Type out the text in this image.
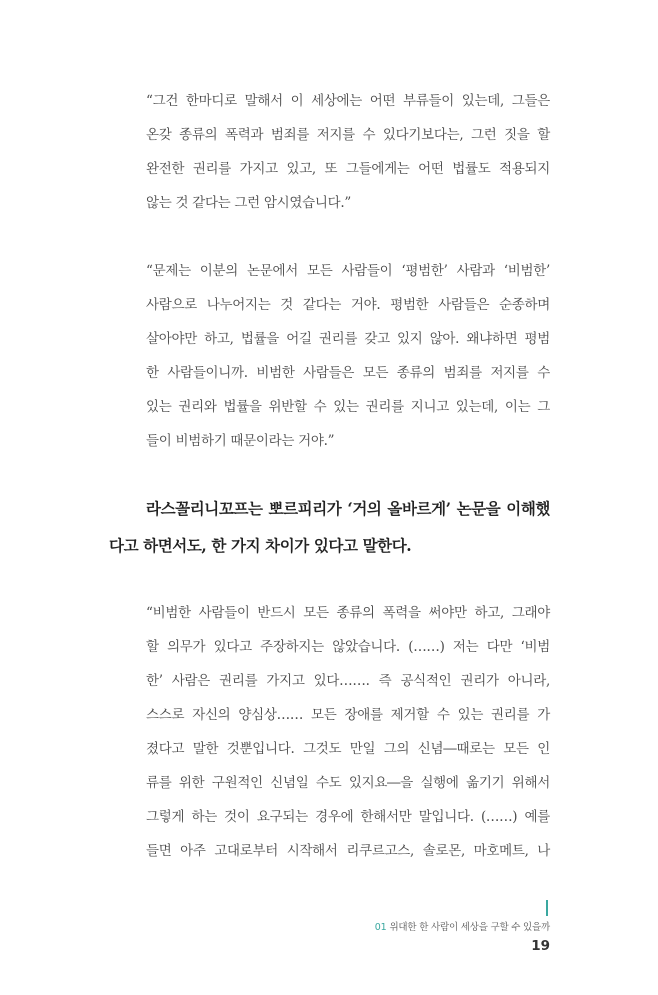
“그건 한마디로 말해서 이 세상에는 어떤 부류들이 있는데, 그들은

온갖 종류의 폭력과 범죄를 저지를 수 있다기보다는, 그런 짓을 할

완전한 권리를 가지고 있고, 또 그들에게는 어떤 법률도 적용되지

않는 것 같다는 그런 암시였습니다.”

“문제는 이분의 논문에서 모든 사람들이 ‘평범한’ 사람과 ‘비범한’

사람으로 나누어지는 것 같다는 거야. 평범한 사람들은 순종하며

살아야만 하고, 법률을 어길 권리를 갖고 있지 않아. 왜냐하면 평범

한 사람들이니까. 비범한 사람들은 모든 종류의 범죄를 저지를 수

있는 권리와 법률을 위반할 수 있는 권리를 지니고 있는데, 이는 그

들이 비범하기 때문이라는 거야.”

라스꼴리니꼬프는 뽀르피리가 ‘거의 올바르게’ 논문을 이해했

다고 하면서도, 한 가지 차이가 있다고 말한다.

“비범한 사람들이 반드시 모든 종류의 폭력을 써야만 하고, 그래야

할 의무가 있다고 주장하지는 않았습니다. (……) 저는 다만 ‘비범

한’ 사람은 권리를 가지고 있다……. 즉 공식적인 권리가 아니라,

스스로 자신의 양심상…… 모든 장애를 제거할 수 있는 권리를 가

졌다고 말한 것뿐입니다. 그것도 만일 그의 신념―때로는 모든 인

류를 위한 구원적인 신념일 수도 있지요―을 실행에 옮기기 위해서

그렇게 하는 것이 요구되는 경우에 한해서만 말입니다. (……) 예를

들면 아주 고대로부터 시작해서 리쿠르고스, 솔로몬, 마호메트, 나

01 위대한 한 사람이 세상을 구할 수 있을까
19
